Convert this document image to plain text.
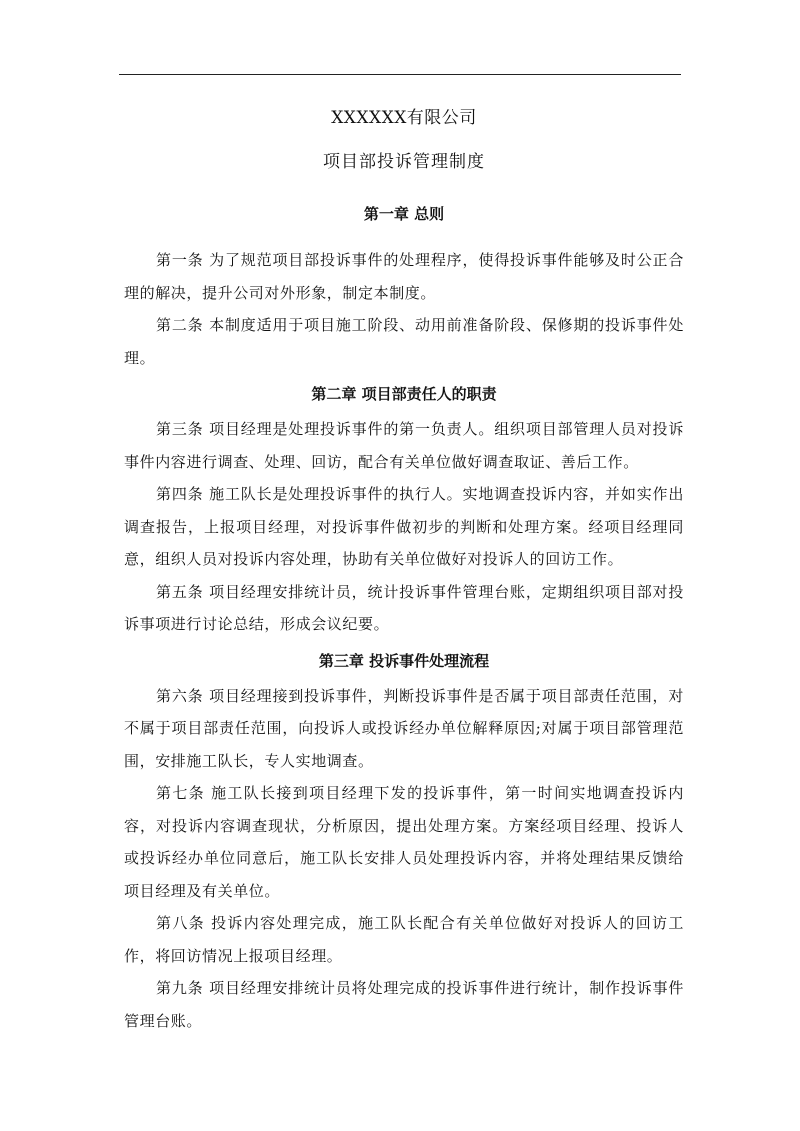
XXXXXX有限公司

项目部投诉管理制度

第一章 总则

第一条 为了规范项目部投诉事件的处理程序，使得投诉事件能够及时公正合理的解决，提升公司对外形象，制定本制度。

第二条 本制度适用于项目施工阶段、动用前准备阶段、保修期的投诉事件处理。

第二章 项目部责任人的职责

第三条 项目经理是处理投诉事件的第一负责人。组织项目部管理人员对投诉事件内容进行调查、处理、回访，配合有关单位做好调查取证、善后工作。

第四条 施工队长是处理投诉事件的执行人。实地调查投诉内容，并如实作出调查报告，上报项目经理，对投诉事件做初步的判断和处理方案。经项目经理同意，组织人员对投诉内容处理，协助有关单位做好对投诉人的回访工作。

第五条 项目经理安排统计员，统计投诉事件管理台账，定期组织项目部对投诉事项进行讨论总结，形成会议纪要。

第三章 投诉事件处理流程

第六条 项目经理接到投诉事件，判断投诉事件是否属于项目部责任范围，对不属于项目部责任范围，向投诉人或投诉经办单位解释原因;对属于项目部管理范围，安排施工队长，专人实地调查。

第七条 施工队长接到项目经理下发的投诉事件，第一时间实地调查投诉内容，对投诉内容调查现状，分析原因，提出处理方案。方案经项目经理、投诉人或投诉经办单位同意后，施工队长安排人员处理投诉内容，并将处理结果反馈给项目经理及有关单位。

第八条 投诉内容处理完成，施工队长配合有关单位做好对投诉人的回访工作，将回访情况上报项目经理。

第九条 项目经理安排统计员将处理完成的投诉事件进行统计，制作投诉事件管理台账。
